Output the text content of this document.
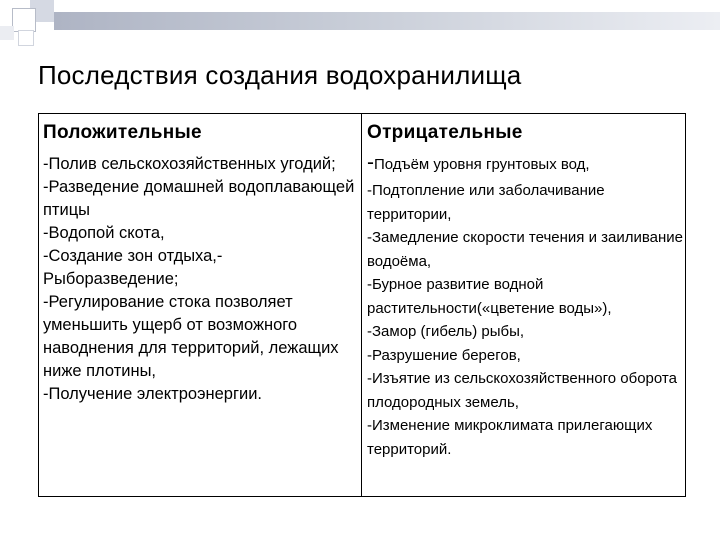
Последствия создания водохранилища
Положительные

-Полив сельскохозяйственных угодий;

-Разведение домашней водоплавающей птицы

-Водопой скота,

-Создание зон отдыха,- Рыборазведение;

-Регулирование стока позволяет уменьшить ущерб от возможного наводнения для территорий, лежащих ниже плотины,

-Получение электроэнергии.

Отрицательные

-Подъём уровня грунтовых вод,

-Подтопление или заболачивание территории,

-Замедление скорости течения и заиливание водоёма,

-Бурное развитие водной растительности(«цветение воды»),

-Замор (гибель) рыбы,

-Разрушение берегов,

-Изъятие из сельскохозяйственного оборота плодородных земель,

-Изменение микроклимата прилегающих территорий.
